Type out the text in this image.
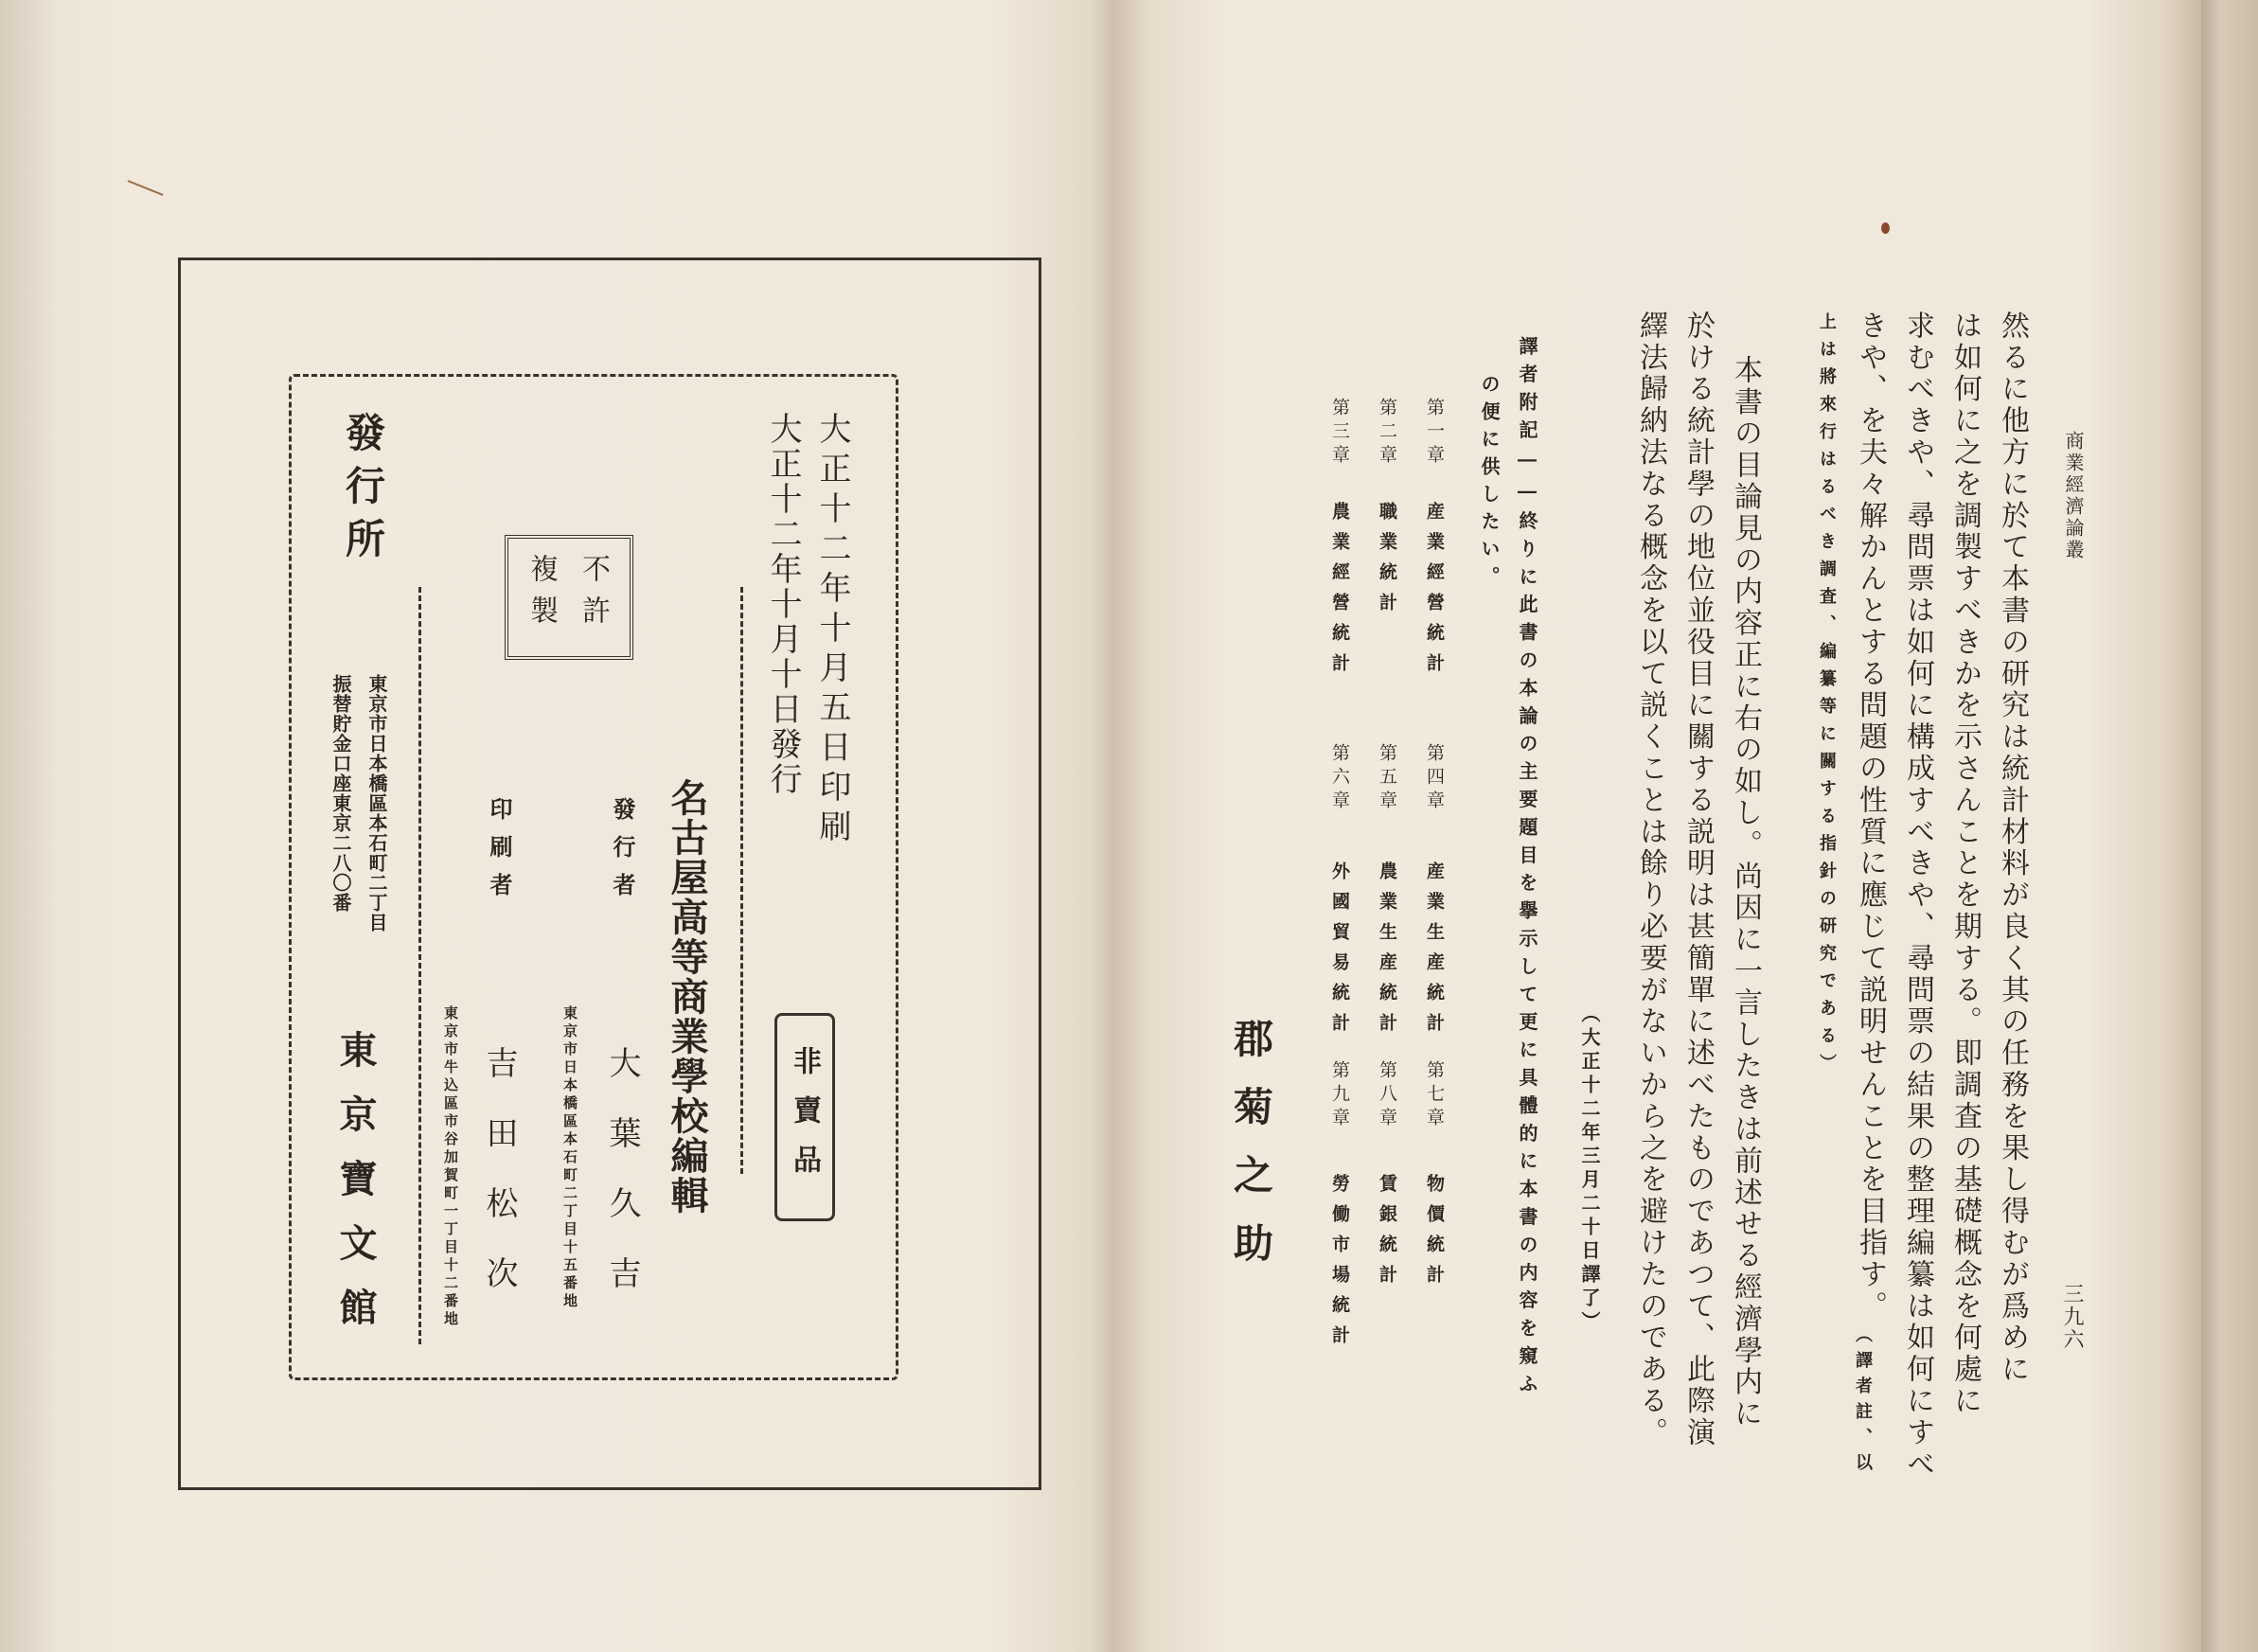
大正十二年十月五日印刷
大正十二年十月十日發行
非賣品
名古屋高等商業學校編輯
不許
複製
發行者
大葉久吉
東京市日本橋區本石町二丁目十五番地
印刷者
吉田松次
東京市牛込區市谷加賀町一丁目十二番地
發行所
東京市日本橋區本石町二丁目
振替貯金口座東京二八〇番
東京寶文館
商業經濟論叢
三九六
然るに他方に於て本書の研究は統計材料が良く其の任務を果し得むが爲めに
は如何に之を調製すべきかを示さんことを期する。即調査の基礎概念を何處に
求むべきや、尋問票は如何に構成すべきや、尋問票の結果の整理編纂は如何にすべ
きや、を夫々解かんとする問題の性質に應じて説明せんことを目指す。
（譯者註、以
上は將來行はるべき調査、編纂等に關する指針の研究である）
本書の目論見の内容正に右の如し。尚因に一言したきは前述せる經濟學内に
於ける統計學の地位並役目に關する説明は甚簡單に述べたものであつて、此際演
繹法歸納法なる概念を以て説くことは餘り必要がないから之を避けたのである。
（大正十二年三月二十日譯了）
譯者附記――終りに此書の本論の主要題目を擧示して更に具體的に本書の内容を窺ふ
の便に供したい。
第一章
産業經營統計
第二章
職業統計
第三章
農業經營統計
第四章
産業生産統計
第五章
農業生産統計
第六章
外國貿易統計
第七章
物價統計
第八章
賃銀統計
第九章
勞働市場統計
郡菊之助
